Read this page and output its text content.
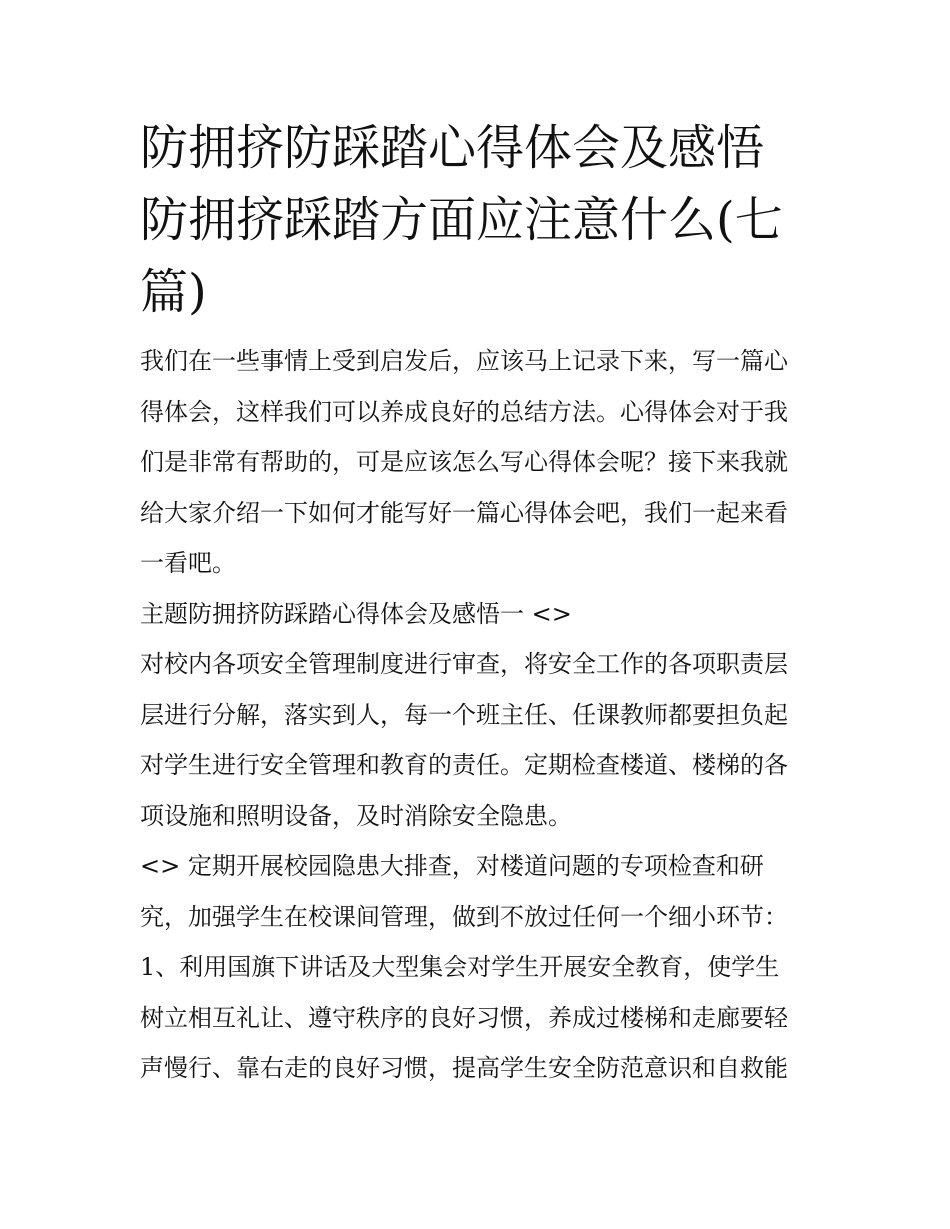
防拥挤防踩踏心得体会及感悟
防拥挤踩踏方面应注意什么(七
篇)

我们在一些事情上受到启发后，应该马上记录下来，写一篇心
得体会，这样我们可以养成良好的总结方法。心得体会对于我
们是非常有帮助的，可是应该怎么写心得体会呢？接下来我就
给大家介绍一下如何才能写好一篇心得体会吧，我们一起来看
一看吧。

主题防拥挤防踩踏心得体会及感悟一 <>

对校内各项安全管理制度进行审查，将安全工作的各项职责层
层进行分解，落实到人，每一个班主任、任课教师都要担负起
对学生进行安全管理和教育的责任。定期检查楼道、楼梯的各
项设施和照明设备，及时消除安全隐患。

<> 定期开展校园隐患大排查，对楼道问题的专项检查和研
究，加强学生在校课间管理，做到不放过任何一个细小环节：

1、利用国旗下讲话及大型集会对学生开展安全教育，使学生
树立相互礼让、遵守秩序的良好习惯，养成过楼梯和走廊要轻
声慢行、靠右走的良好习惯，提高学生安全防范意识和自救能
